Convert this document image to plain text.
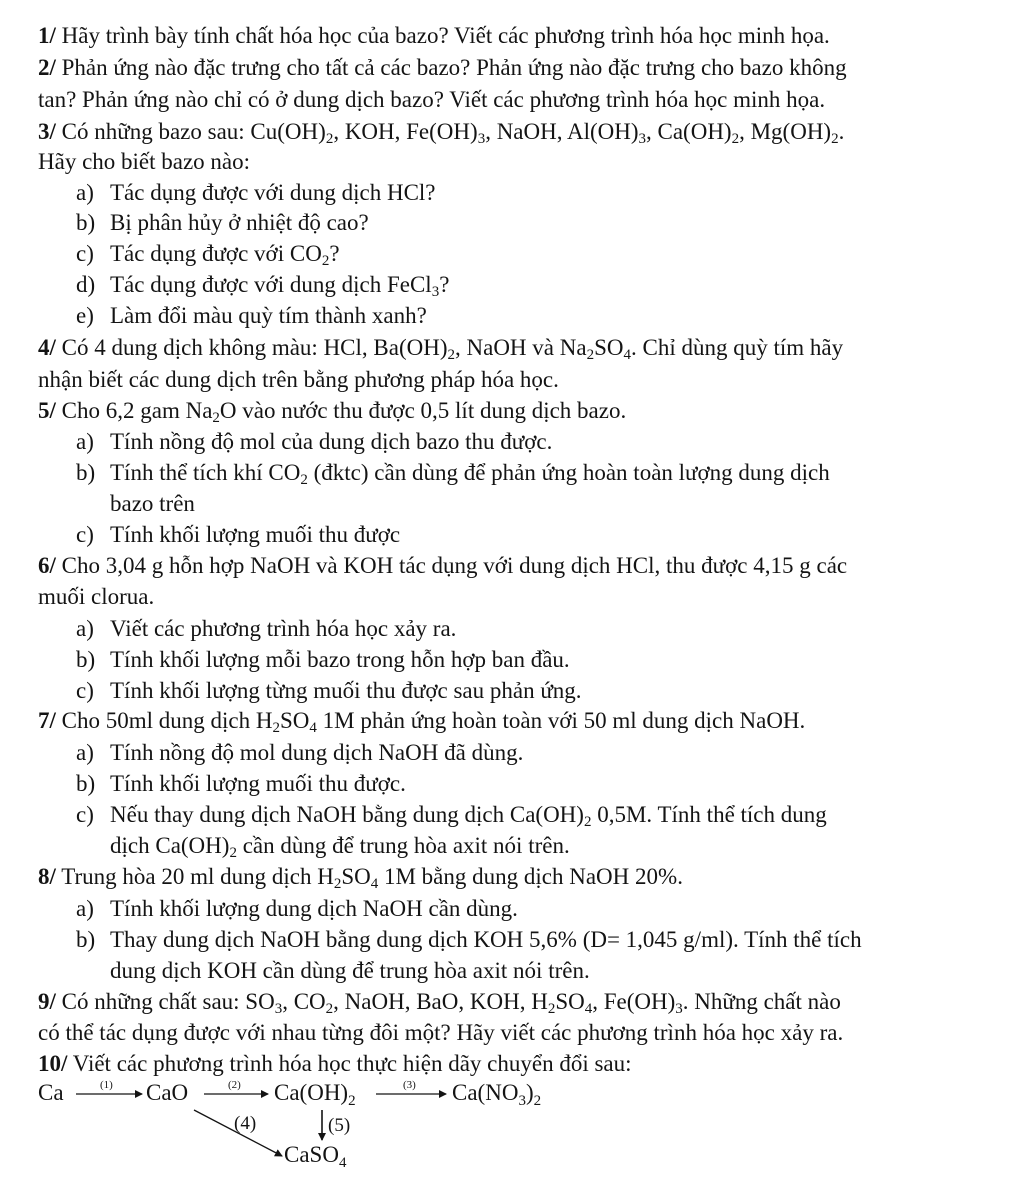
1/ Hãy trình bày tính chất hóa học của bazo? Viết các phương trình hóa học minh họa.
2/ Phản ứng nào đặc trưng cho tất cả các bazo? Phản ứng nào đặc trưng cho bazo không
tan? Phản ứng nào chỉ có ở dung dịch bazo? Viết các phương trình hóa học minh họa.
3/ Có những bazo sau: $Cu(OH)_2$, KOH, $Fe(OH)_3$, NaOH, $Al(OH)_3$, $Ca(OH)_2$, $Mg(OH)_2$.
Hãy cho biết bazo nào:
a) Tác dụng được với dung dịch HCl?
b) Bị phân hủy ở nhiệt độ cao?
c) Tác dụng được với $CO_2$?
d) Tác dụng được với dung dịch FeCl$_3$?
e) Làm đổi màu quỳ tím thành xanh?
4/ Có 4 dung dịch không màu: HCl, $Ba(OH)_2$, NaOH và $Na_2SO_4$. Chỉ dùng quỳ tím hãy
nhận biết các dung dịch trên bằng phương pháp hóa học.
5/ Cho 6,2 gam $Na_2O$ vào nước thu được 0,5 lít dung dịch bazo.
a) Tính nồng độ mol của dung dịch bazo thu được.
b) Tính thể tích khí $CO_2$ (đktc) cần dùng để phản ứng hoàn toàn lượng dung dịch
bazo trên
c) Tính khối lượng muối thu được
6/ Cho 3,04 g hỗn hợp NaOH và KOH tác dụng với dung dịch HCl, thu được 4,15 g các
muối clorua.
a) Viết các phương trình hóa học xảy ra.
b) Tính khối lượng mỗi bazo trong hỗn hợp ban đầu.
c) Tính khối lượng từng muối thu được sau phản ứng.
7/ Cho 50ml dung dịch $H_2SO_4$ 1M phản ứng hoàn toàn với 50 ml dung dịch NaOH.
a) Tính nồng độ mol dung dịch NaOH đã dùng.
b) Tính khối lượng muối thu được.
c) Nếu thay dung dịch NaOH bằng dung dịch $Ca(OH)_2$ 0,5M. Tính thể tích dung
dịch $Ca(OH)_2$ cần dùng để trung hòa axit nói trên.
8/ Trung hòa 20 ml dung dịch $H_2SO_4$ 1M bằng dung dịch NaOH 20%.
a) Tính khối lượng dung dịch NaOH cần dùng.
b) Thay dung dịch NaOH bằng dung dịch KOH 5,6% (D= 1,045 g/ml). Tính thể tích
dung dịch KOH cần dùng để trung hòa axit nói trên.
9/ Có những chất sau: $SO_3$, $CO_2$, NaOH, BaO, KOH, $H_2SO_4$, $Fe(OH)_3$. Những chất nào
có thể tác dụng được với nhau từng đôi một? Hãy viết các phương trình hóa học xảy ra.
10/ Viết các phương trình hóa học thực hiện dãy chuyển đổi sau:
Ca	(1) CaO	(2) $Ca(OH)_2$
(3) $Ca(NO_3)_2$
(4)	(5)
CaSO$_4$
